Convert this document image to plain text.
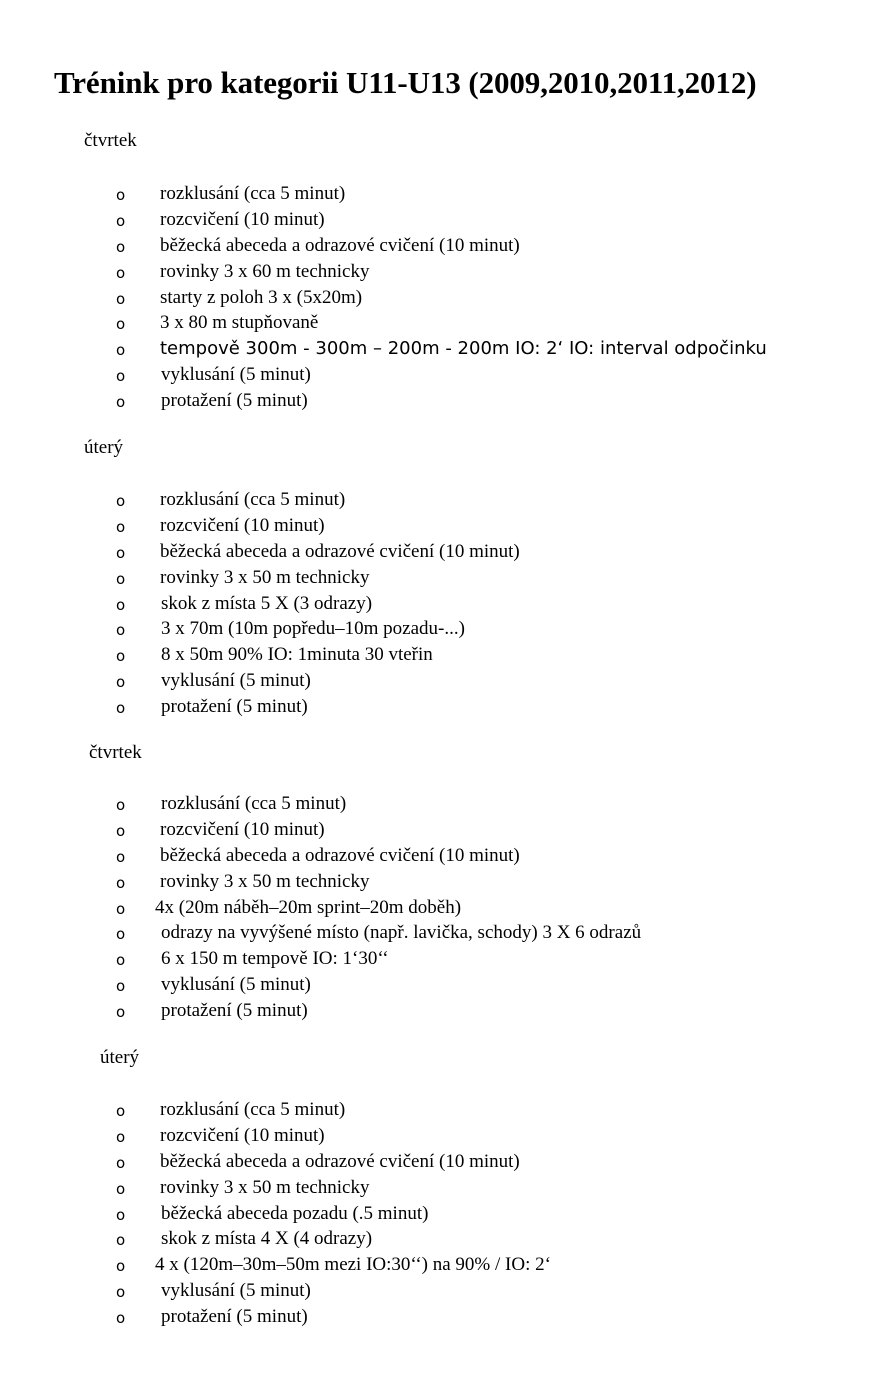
Trénink pro kategorii U11-U13 (2009,2010,2011,2012)
čtvrtek
o rozklusání (cca 5 minut)
o rozcvičení (10 minut)
o běžecká abeceda a odrazové cvičení (10 minut)
o rovinky 3 x 60 m technicky
o starty z poloh 3 x (5x20m)
o 3 x 80 m stupňovaně
o tempově 300m - 300m – 200m - 200m IO: 2‘ IO: interval odpočinku
o vyklusání (5 minut)
o protažení (5 minut)
úterý
o rozklusání (cca 5 minut)
o rozcvičení (10 minut)
o běžecká abeceda a odrazové cvičení (10 minut)
o rovinky 3 x 50 m technicky
o skok z místa 5 X (3 odrazy)
o 3 x 70m (10m popředu–10m pozadu-...)
o 8 x 50m 90% IO: 1minuta 30 vteřin
o vyklusání (5 minut)
o protažení (5 minut)
čtvrtek
o rozklusání (cca 5 minut)
o rozcvičení (10 minut)
o běžecká abeceda a odrazové cvičení (10 minut)
o rovinky 3 x 50 m technicky
o 4x (20m náběh–20m sprint–20m doběh)
o odrazy na vyvýšené místo (např. lavička, schody) 3 X 6 odrazů
o 6 x 150 m tempově IO: 1‘30‘‘
o vyklusání (5 minut)
o protažení (5 minut)
úterý
o rozklusání (cca 5 minut)
o rozcvičení (10 minut)
o běžecká abeceda a odrazové cvičení (10 minut)
o rovinky 3 x 50 m technicky
o běžecká abeceda pozadu (.5 minut)
o skok z místa 4 X (4 odrazy)
o 4 x (120m–30m–50m mezi IO:30‘‘) na 90% / IO: 2‘
o vyklusání (5 minut)
o protažení (5 minut)
